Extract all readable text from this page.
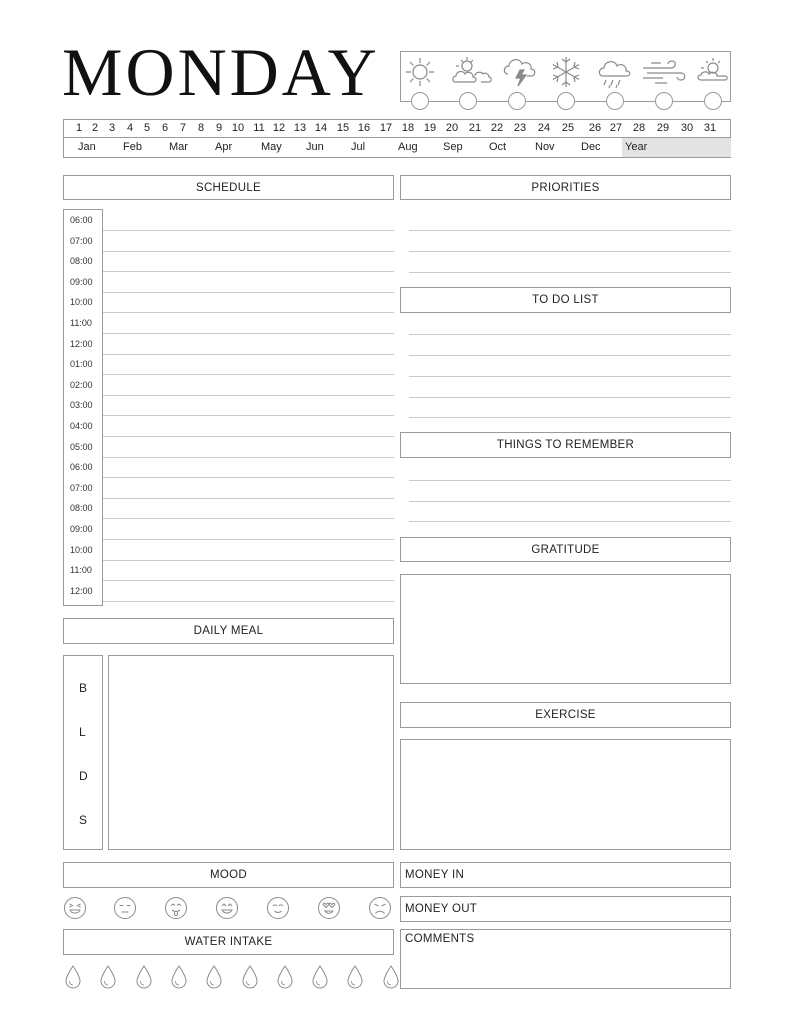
MONDAY
1 2 3 4 5 6 7 8 9 10 11 12 13 14 15 16 17 18 19 20 21 22 23 24 25 26 27 28 29 30 31
Year
Jan Feb Mar Apr	May Jun Jul	Aug Sep Oct	Nov Dec
SCHEDULE	PRIORITIES
06:00
07:00
08:00
09:00
10:00
11:00
12:00
01:00
02:00
03:00
04:00
05:00
06:00
07:00
08:00
09:00
10:00
11:00
12:00
TO DO LIST
THINGS TO REMEMBER
GRATITUDE
EXERCISE
DAILY MEAL
B
L
D
S
MOOD
WATER INTAKE
MONEY IN
MONEY OUT
COMMENTS
